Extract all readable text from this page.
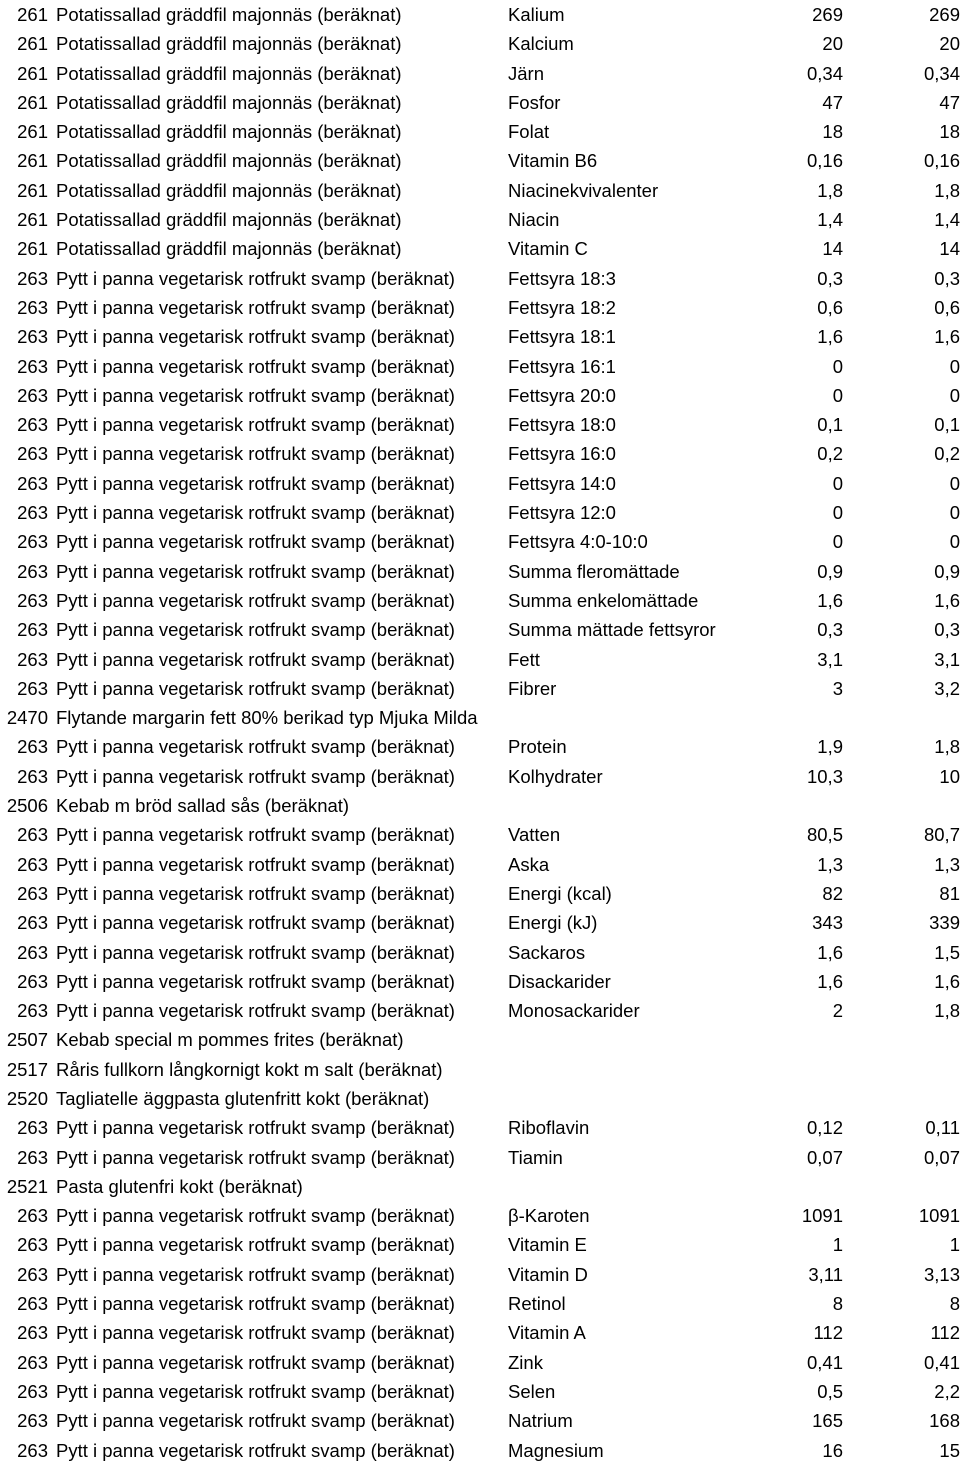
261 Potatissallad gräddfil majonnäs (beräknat)	Kalium	269	269
261 Potatissallad gräddfil majonnäs (beräknat)	Kalcium	20	20
261 Potatissallad gräddfil majonnäs (beräknat)	Järn	0,34	0,34
261 Potatissallad gräddfil majonnäs (beräknat)	Fosfor	47	47
261 Potatissallad gräddfil majonnäs (beräknat)	Folat	18	18
261 Potatissallad gräddfil majonnäs (beräknat)	Vitamin B6	0,16	0,16
261 Potatissallad gräddfil majonnäs (beräknat)	Niacinekvivalenter	1,8	1,8
261 Potatissallad gräddfil majonnäs (beräknat)	Niacin	1,4	1,4
261 Potatissallad gräddfil majonnäs (beräknat)	Vitamin C	14	14
263 Pytt i panna vegetarisk rotfrukt svamp (beräknat)	Fettsyra 18:3	0,3	0,3
263 Pytt i panna vegetarisk rotfrukt svamp (beräknat)	Fettsyra 18:2	0,6	0,6
263 Pytt i panna vegetarisk rotfrukt svamp (beräknat)	Fettsyra 18:1	1,6	1,6
263 Pytt i panna vegetarisk rotfrukt svamp (beräknat)	Fettsyra 16:1	0	0
263 Pytt i panna vegetarisk rotfrukt svamp (beräknat)	Fettsyra 20:0	0	0
263 Pytt i panna vegetarisk rotfrukt svamp (beräknat)	Fettsyra 18:0	0,1	0,1
263 Pytt i panna vegetarisk rotfrukt svamp (beräknat)	Fettsyra 16:0	0,2	0,2
263 Pytt i panna vegetarisk rotfrukt svamp (beräknat)	Fettsyra 14:0	0	0
263 Pytt i panna vegetarisk rotfrukt svamp (beräknat)	Fettsyra 12:0	0	0
263 Pytt i panna vegetarisk rotfrukt svamp (beräknat)	Fettsyra 4:0-10:0	0	0
263 Pytt i panna vegetarisk rotfrukt svamp (beräknat)	Summa fleromättade	0,9	0,9
263 Pytt i panna vegetarisk rotfrukt svamp (beräknat)	Summa enkelomättade	1,6	1,6
263 Pytt i panna vegetarisk rotfrukt svamp (beräknat)	Summa mättade fettsyror	0,3	0,3
263 Pytt i panna vegetarisk rotfrukt svamp (beräknat)	Fett	3,1	3,1
263 Pytt i panna vegetarisk rotfrukt svamp (beräknat)	Fibrer	3	3,2
2470 Flytande margarin fett 80% berikad typ Mjuka Milda
263 Pytt i panna vegetarisk rotfrukt svamp (beräknat)	Protein	1,9	1,8
263 Pytt i panna vegetarisk rotfrukt svamp (beräknat)	Kolhydrater	10,3	10
2506 Kebab m bröd sallad sås (beräknat)
263 Pytt i panna vegetarisk rotfrukt svamp (beräknat)	Vatten	80,5	80,7
263 Pytt i panna vegetarisk rotfrukt svamp (beräknat)	Aska	1,3	1,3
263 Pytt i panna vegetarisk rotfrukt svamp (beräknat)	Energi (kcal)	82	81
263 Pytt i panna vegetarisk rotfrukt svamp (beräknat)	Energi (kJ)	343	339
263 Pytt i panna vegetarisk rotfrukt svamp (beräknat)	Sackaros	1,6	1,5
263 Pytt i panna vegetarisk rotfrukt svamp (beräknat)	Disackarider	1,6	1,6
263 Pytt i panna vegetarisk rotfrukt svamp (beräknat)	Monosackarider	2	1,8
2507 Kebab special m pommes frites (beräknat)
2517 Råris fullkorn långkornigt kokt m salt (beräknat)
2520 Tagliatelle äggpasta glutenfritt kokt (beräknat)
263 Pytt i panna vegetarisk rotfrukt svamp (beräknat)	Riboflavin	0,12	0,11
263 Pytt i panna vegetarisk rotfrukt svamp (beräknat)	Tiamin	0,07	0,07
2521 Pasta glutenfri kokt (beräknat)
263 Pytt i panna vegetarisk rotfrukt svamp (beräknat)	β-Karoten	1091	1091
263 Pytt i panna vegetarisk rotfrukt svamp (beräknat)	Vitamin E	1	1
263 Pytt i panna vegetarisk rotfrukt svamp (beräknat)	Vitamin D	3,11	3,13
263 Pytt i panna vegetarisk rotfrukt svamp (beräknat)	Retinol	8	8
263 Pytt i panna vegetarisk rotfrukt svamp (beräknat)	Vitamin A	112	112
263 Pytt i panna vegetarisk rotfrukt svamp (beräknat)	Zink	0,41	0,41
263 Pytt i panna vegetarisk rotfrukt svamp (beräknat)	Selen	0,5	2,2
263 Pytt i panna vegetarisk rotfrukt svamp (beräknat)	Natrium	165	168
263 Pytt i panna vegetarisk rotfrukt svamp (beräknat)	Magnesium	16	15
